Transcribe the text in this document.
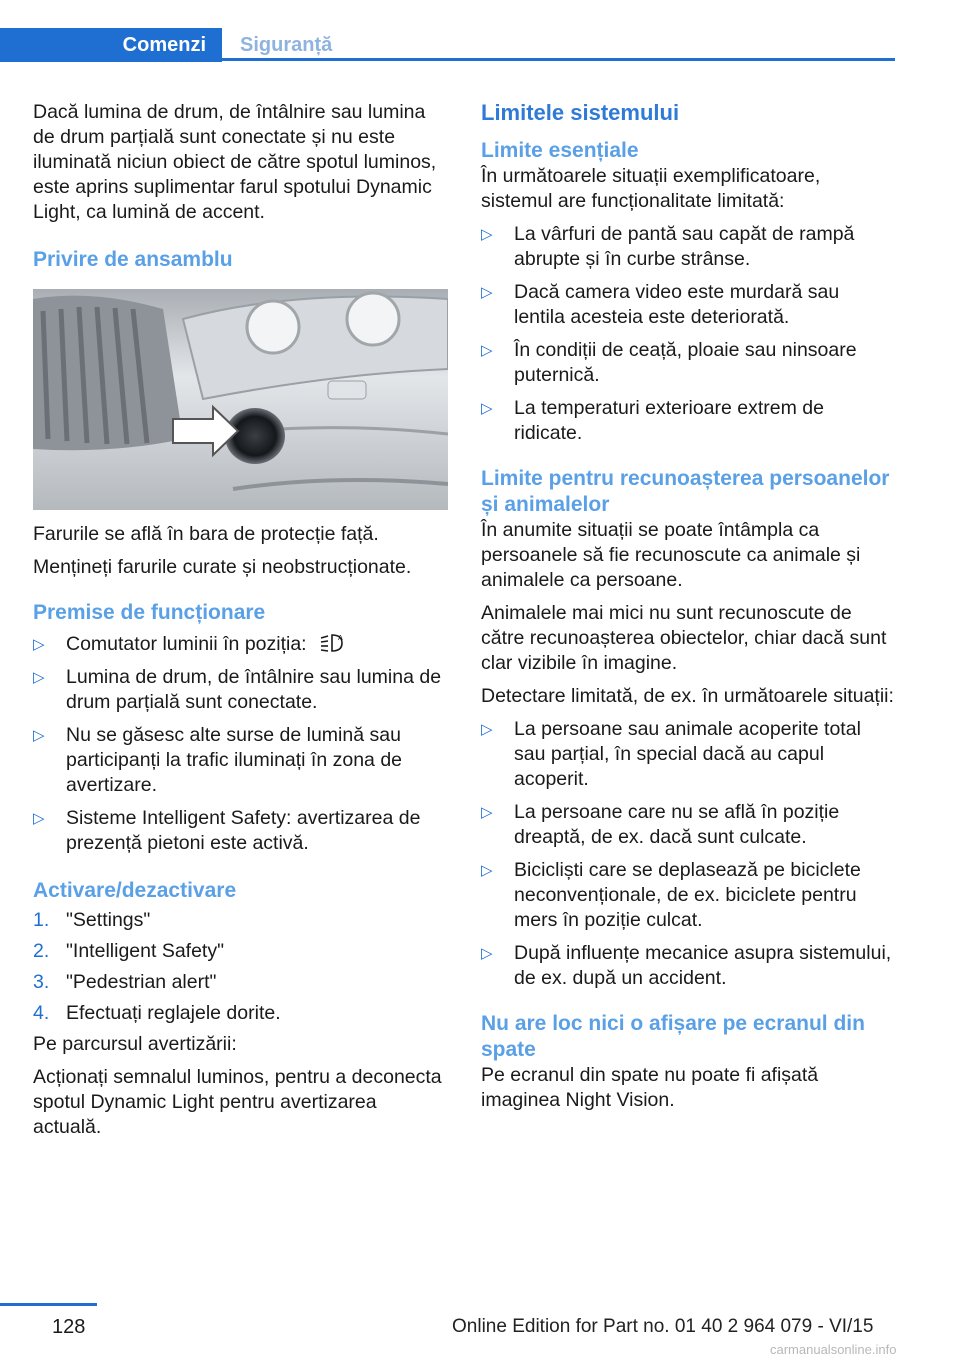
Comenzi	Siguranță

Dacă lumina de drum, de întâlnire sau lumina de drum parțială sunt conectate și nu este iluminată niciun obiect de către spotul luminos, este aprins suplimentar farul spotului Dynamic Light, ca lumină de accent.

Privire de ansamblu

Farurile se află în bara de protecție față.

Mențineți farurile curate și neobstrucționate.

Premise de funcționare
▷ Comutator luminii în poziția:	A
▷ Lumina de drum, de întâlnire sau lumina de drum parțială sunt conectate.
▷ Nu se găsesc alte surse de lumină sau participanți la trafic iluminați în zona de avertizare.
▷ Sisteme Intelligent Safety: avertizarea de prezență pietoni este activă.
Activare/dezactivare
1. "Settings"
2. "Intelligent Safety"
3. "Pedestrian alert"
4. Efectuați reglajele dorite.

Pe parcursul avertizării:

Acționați semnalul luminos, pentru a deconecta spotul Dynamic Light pentru avertizarea actuală.

Limitele sistemului
Limite esențiale

În următoarele situații exemplificatoare, sistemul are funcționalitate limitată:

▷ La vârfuri de pantă sau capăt de rampă abrupte și în curbe strânse.
▷ Dacă camera video este murdară sau lentila acesteia este deteriorată.
▷ În condiții de ceață, ploaie sau ninsoare puternică.
▷ La temperaturi exterioare extrem de ridicate.
Limite pentru recunoașterea persoanelor și animalelor

În anumite situații se poate întâmpla ca persoanele să fie recunoscute ca animale și animalele ca persoane.

Animalele mai mici nu sunt recunoscute de către recunoașterea obiectelor, chiar dacă sunt clar vizibile în imagine.

Detectare limitată, de ex. în următoarele situații:

▷ La persoane sau animale acoperite total sau parțial, în special dacă au capul acoperit.
▷ La persoane care nu se află în poziție dreaptă, de ex. dacă sunt culcate.
▷ Bicicliști care se deplasează pe biciclete neconvenționale, de ex. biciclete pentru mers în poziție culcat.
▷ După influențe mecanice asupra sistemului, de ex. după un accident.
Nu are loc nici o afișare pe ecranul din spate

Pe ecranul din spate nu poate fi afișată imaginea Night Vision.

128	Online Edition for Part no. 01 40 2 964 079 - VI/15
carmanualsonline.info
